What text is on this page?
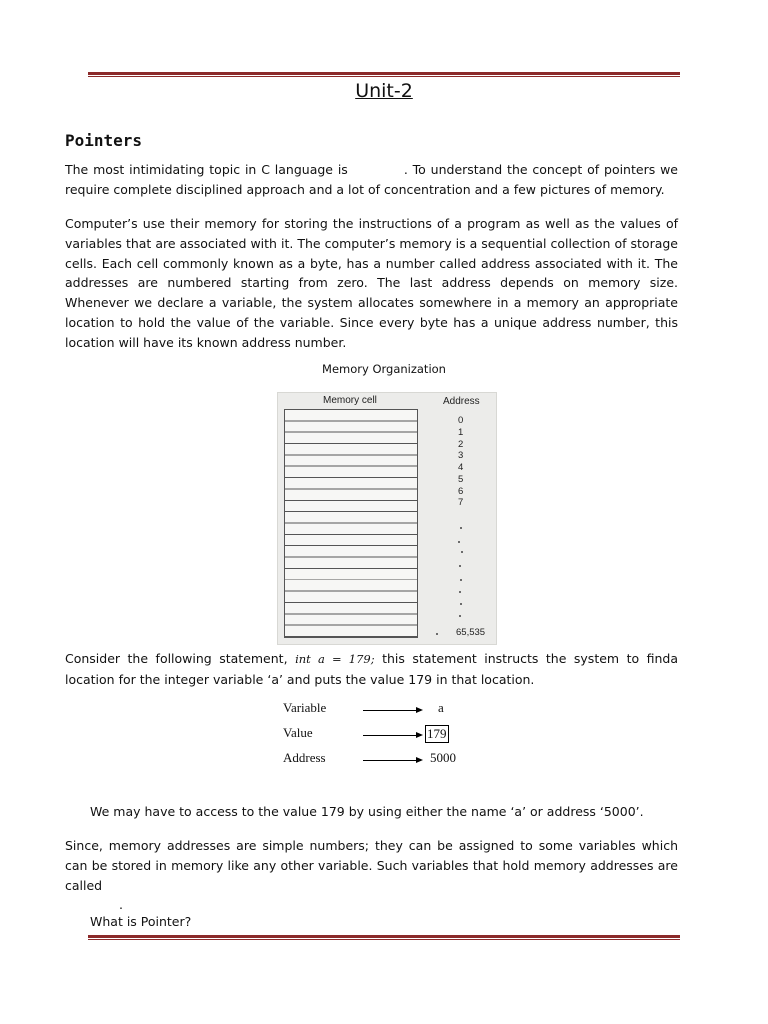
Unit-2
Pointers
The most intimidating topic in C language is	. To understand the concept of pointers we require complete disciplined approach and a lot of concentration and a few pictures of memory.
Computer’s use their memory for storing the instructions of a program as well as the values of variables that are associated with it. The computer’s memory is a sequential collection of storage cells. Each cell commonly known as a byte, has a number called address associated with it. The addresses are numbered starting from zero. The last address depends on memory size. Whenever we declare a variable, the system allocates somewhere in a memory an appropriate location to hold the value of the variable. Since every byte has a unique address number, this location will have its known address number.
Memory Organization
Memory cell	Address
0
1
2
3
4
5
6
7
65,535
Consider the following statement, int a = 179; this statement instructs the system to finda location for the integer variable ‘a’ and puts the value 179 in that location.
Variable	a
Value	179
Address	5000
We may have to access to the value 179 by using either the name ‘a’ or address ‘5000’.
Since, memory addresses are simple numbers; they can be assigned to some variables which can be stored in memory like any other variable. Such variables that hold memory addresses are called
.
What is Pointer?
